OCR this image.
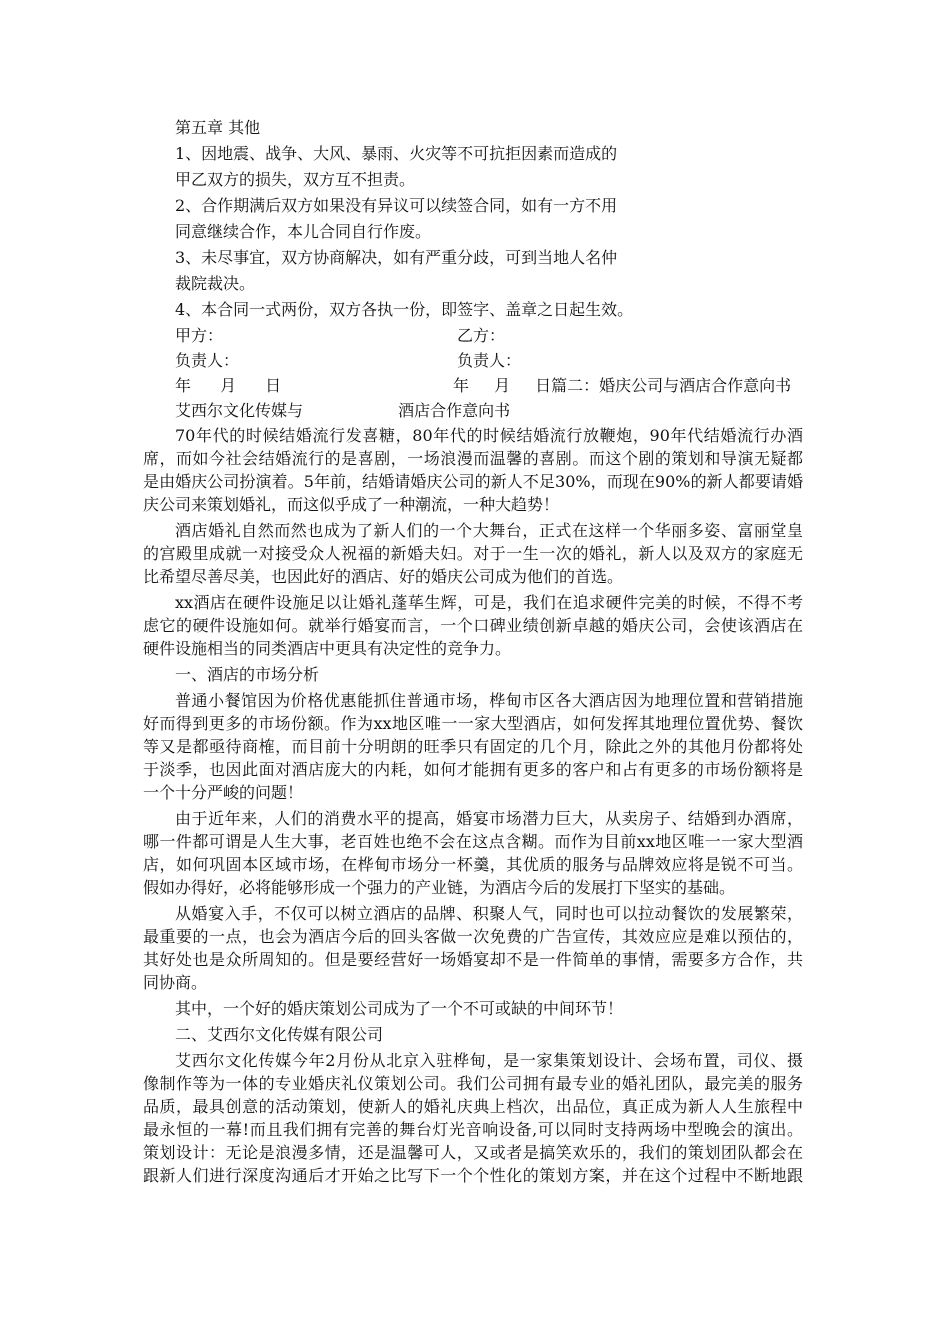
第五章 其他
1、因地震、战争、大风、暴雨、火灾等不可抗拒因素而造成的
甲乙双方的损失，双方互不担责。
2、合作期满后双方如果没有异议可以续签合同，如有一方不用
同意继续合作，本儿合同自行作废。
3、未尽事宜，双方协商解决，如有严重分歧，可到当地人名仲
裁院裁决。
4、本合同一式两份，双方各执一份，即签字、盖章之日起生效。
甲方：	乙方：
负责人：	负责人：
年 月 日	年 月 日篇二：婚庆公司与酒店合作意向书
艾西尔文化传媒与 酒店合作意向书
70年代的时候结婚流行发喜糖，80年代的时候结婚流行放鞭炮，90年代结婚流行办酒
席，而如今社会结婚流行的是喜剧，一场浪漫而温馨的喜剧。而这个剧的策划和导演无疑都
是由婚庆公司扮演着。5年前，结婚请婚庆公司的新人不足30%，而现在90%的新人都要请婚
庆公司来策划婚礼，而这似乎成了一种潮流，一种大趋势！
酒店婚礼自然而然也成为了新人们的一个大舞台，正式在这样一个华丽多姿、富丽堂皇
的宫殿里成就一对接受众人祝福的新婚夫妇。对于一生一次的婚礼，新人以及双方的家庭无
比希望尽善尽美，也因此好的酒店、好的婚庆公司成为他们的首选。
xx酒店在硬件设施足以让婚礼蓬荜生辉，可是，我们在追求硬件完美的时候，不得不考
虑它的硬件设施如何。就举行婚宴而言，一个口碑业绩创新卓越的婚庆公司，会使该酒店在
硬件设施相当的同类酒店中更具有决定性的竞争力。
一、酒店的市场分析
普通小餐馆因为价格优惠能抓住普通市场，桦甸市区各大酒店因为地理位置和营销措施
好而得到更多的市场份额。作为xx地区唯一一家大型酒店，如何发挥其地理位置优势、餐饮
等又是都亟待商榷，而目前十分明朗的旺季只有固定的几个月，除此之外的其他月份都将处
于淡季，也因此面对酒店庞大的内耗，如何才能拥有更多的客户和占有更多的市场份额将是
一个十分严峻的问题！
由于近年来，人们的消费水平的提高，婚宴市场潜力巨大，从卖房子、结婚到办酒席，
哪一件都可谓是人生大事，老百姓也绝不会在这点含糊。而作为目前xx地区唯一一家大型酒
店，如何巩固本区域市场，在桦甸市场分一杯羹，其优质的服务与品牌效应将是锐不可当。
假如办得好，必将能够形成一个强力的产业链，为酒店今后的发展打下坚实的基础。
从婚宴入手，不仅可以树立酒店的品牌、积聚人气，同时也可以拉动餐饮的发展繁荣，
最重要的一点，也会为酒店今后的回头客做一次免费的广告宣传，其效应应是难以预估的，
其好处也是众所周知的。但是要经营好一场婚宴却不是一件简单的事情，需要多方合作，共
同协商。
其中，一个好的婚庆策划公司成为了一个不可或缺的中间环节！
二、艾西尔文化传媒有限公司
艾西尔文化传媒今年2月份从北京入驻桦甸，是一家集策划设计、会场布置，司仪、摄
像制作等为一体的专业婚庆礼仪策划公司。我们公司拥有最专业的婚礼团队，最完美的服务
品质，最具创意的活动策划，使新人的婚礼庆典上档次，出品位，真正成为新人人生旅程中
最永恒的一幕!而且我们拥有完善的舞台灯光音响设备,可以同时支持两场中型晚会的演出。
策划设计：无论是浪漫多情，还是温馨可人，又或者是搞笑欢乐的，我们的策划团队都会在
跟新人们进行深度沟通后才开始之比写下一个个性化的策划方案，并在这个过程中不断地跟
